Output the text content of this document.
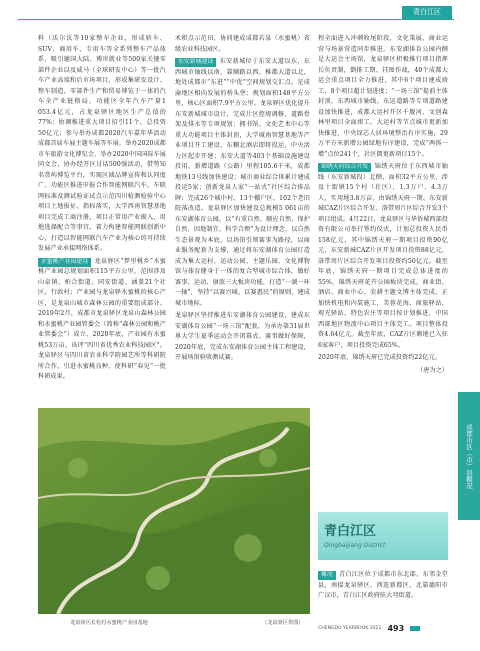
青白江区

料（沃尔沃等10家整车企业，形成轿车、SUV、商用车、专用车等全系列整车产品体系，吸引德国大陆、博世就业等500家关键零部件企业以及威马（全球研发中心）等一批汽车产业高端和后市场项目，形成集研发设计、整车制造、零部件生产和贸易博览于一体的汽车全产业链格局。功能区全年汽车产量1 053.4亿元，占龙泉驿区地区生产总值的77%；协调推进重大项目招引11个，总投资50亿元；参与举办成都2020汽车嘉年华活动成都首届车展主题车展等车展，举办2020成都市车旅游文化博览会，举办2020中国国际车展同文会，协办经开区讨话500强活动，借势知名赏屿博览平台，实现区域品牌宣传和认同度广。功能区推进申报合作智能网联汽车、车联网标准及测试验证试点示范四川检测检验中心项目土地报征、指标落实，大学西南智慧基地项目完成工商注册，项目正常用产业振入，用地选择配合等事宜，着力构建智能网联创新中心，打造以智能网联汽车产业为核心的可持续发展产业承接网络体系。

水蜜桃产业园建设 龙泉驿区“梦里桃乡”水蜜桃产业园总规划面积115平方公里，范围涉及山泉镇、柏合街道、同安街道、涵盖21个社区，行政村；产业园与龙泉驿水蜜桃的核心产区，是龙泉山城市森林公园的重要组成部分。2019年2月，成都市龙泉驿区龙泉山森林公园和水蜜桃产业园管委会（简称“森林公园和桃产业管委会”）成立，2020年底，产业园有水蜜桃53万亩，该评“四川省优秀农业科技园区”。龙泉驿区与四川省农业科学院园艺所等科研院所合作，引进水蜜桃良种，使科研“春见”一批科研成果。

术积点示范田，协同建成成都若泉（水蜜桃）省级农业科技园区。

东安新城建设 东安新城位于东安大道以东，东西城市轴线以南，靠顺路以西，椎都大道以北，地处成都市“东进”“中优”空间规划交汇点，是成渝地区相向发展的桥头堡；规划面积148平方公里，核心区面积7.9平方公里。龙泉驿区优化提升东安新城城市设计，完成片区控规调修、道路骨架及排水等专项规划；拥书馆、文化艺术中心等重大功能项目主体封顶，大学城南智慧基地等产业项目开工建设，东糊北酒店即将投运，中央活力区起步开建；东安大道等403个基础设施建设投用，新增道路（公路）里程105.6千米，成都地铁13号线加快建设；城市商业综合体累计建成投运5家；创新龙泉人家“一站式”社区综合体品牌；完成26个城中村、13个棚户区、102个老旧院落改造。龙泉驿区加快建设总规模5 061亩的东安湖体育公园，以“有重自然、顺应自然、保护自然、因地制宜、科学合理”为设计理念，以自然生态景观为本底，以场馆引领赛事为路径，以商业服务配套为支撑，通过将东安湖体育公园打造成为集大运村、运动公园、主题乐园、文化博物馆与体育健身于一体的复合型城市综合体，做好赛事、运动、康旅三大板块功能，打造“一湖一环一轴”，坚持“以赛兴城、以赛惠民”的原则，建成城市地标。

龙泉驿区坚持推进东安湖体育公园建设，建成东安湖体育公园“一场三馆”配套，为承办第31届世界大学生夏季运动会开闭幕式、赛事做好保障，2020年底，完成东安湖体育公园主体工程建设，开展场馆验收测试赛。

程全面进入冲刺收尾阶段，文化策展、商业运营与场景营造同步推进。东安湖体育公园内侧是大运会主场馆，龙泉驿区积极推行项目指挥长负责制，倒排工期、挂图作战，40个成都大运会重点项目全力推进，其中6个项目建成竣工，8个项目超计划进度；“一场三馆”提前主体封顶，东西城市轴线、东运道路等专项道路建设加快推进，成都大运村开区千舰河、文创森林里项目全面竣工，大运村等节点城市更新加快推进，中央绿芯人居环境整治有序实施，29万平方米新增公园绿地有序建设，完成“两拆一增”点位241个，社区微更新项目15个。

锦绣天府综合开发 锦绣天府位于东西城市轴线（东安新城段）北侧，面积32平方公里，涉及十街镇15个村（社区），1.3万户、4.3万人，实用地3.8万亩，由锦绣天府一期、东安新城CAZ片区综合开发、洛带周片区综合开发3个项目组成。4月22日，龙泉驿区与华侨城西部投资有限公司举行签约仪式，计划总投资人民币158亿元，其中锦绣天府一期项目投资90亿元，东安新城CAZ片区开发项目投资88亿元，洛带周片区综合开发项目投资约50亿元。截至年底，锦绣天府一期项目完成总体进度的55%，锦绣天府花卉公园板块完成，商业街、酒店、商业中心、农耕主题文博主体完成，正加快机电和内装施工，美蓉花海、商旅驿站、观光驿站、特色农庄等项目按计划推进，中国西部地区物流中心项目主体完工。项目整体投资4.64亿元。截至年底，CAZ片区剩地已入驻6家客户，项目投资完成65%。

2020年底，锦绣天府已完成投资约22亿元。

（唐为之）

龙泉驿区长松村水蜜桃产业园基地	（龙泉驿区供图）
青白江区
Qingbaijiang District

概况 青白江区位于成都市东北部，东邻金堂县，南接龙泉驿区，西连新都区，北靠德阳市广汉市，青白江区政府驻大弯街道。

成都市区（市）县概况
CHENGDU YEARBOOK 2021 493
